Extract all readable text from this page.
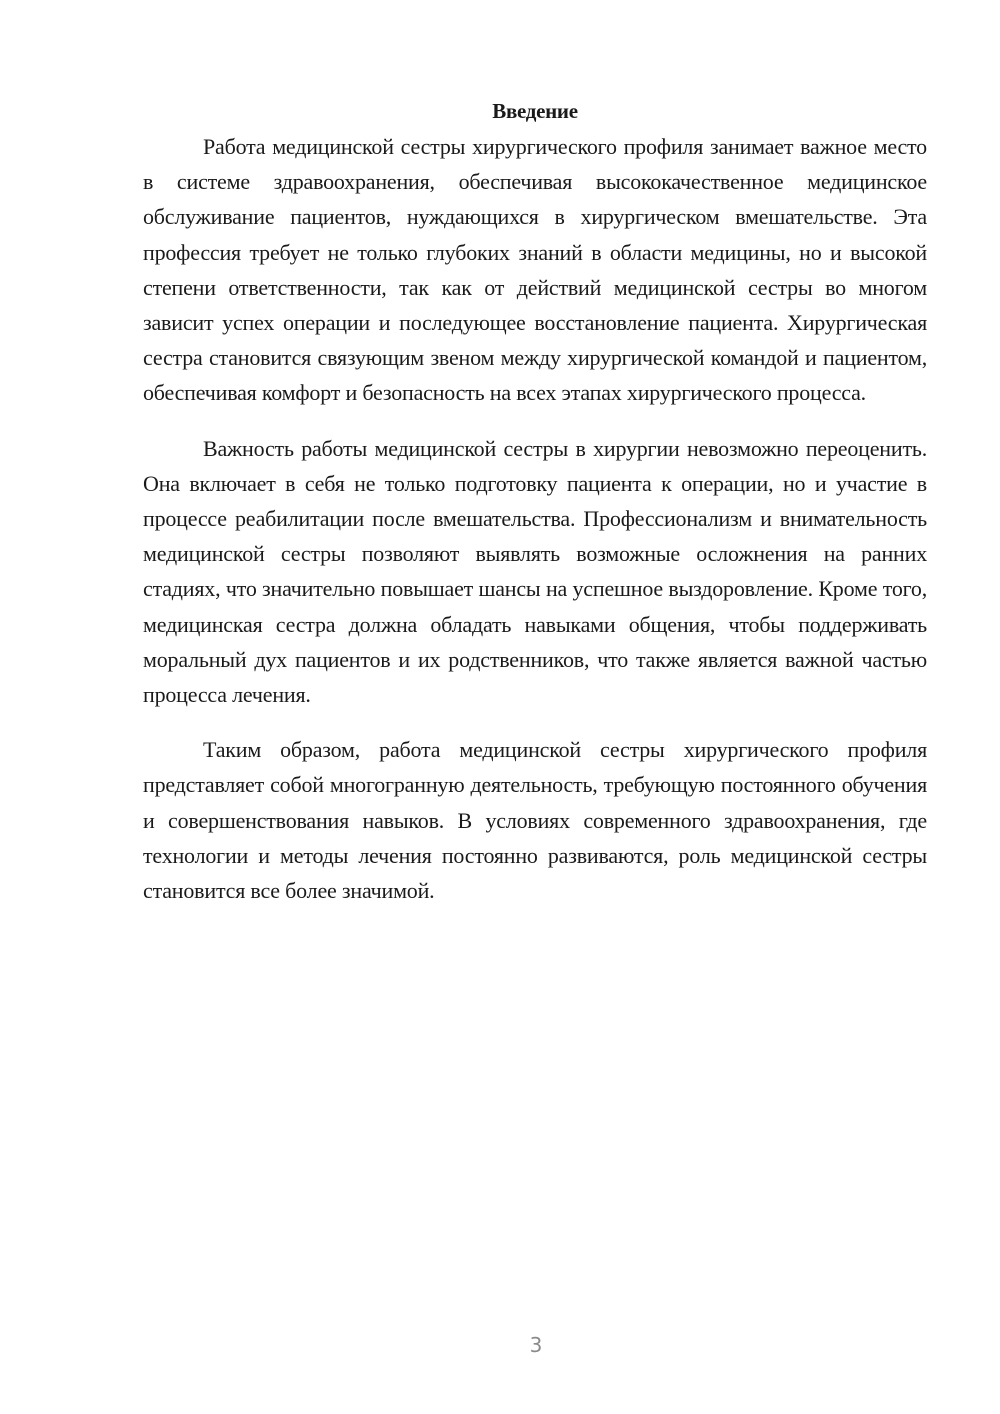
Введение

Работа медицинской сестры хирургического профиля занимает важное место в системе здравоохранения, обеспечивая высококачественное медицинское обслуживание пациентов, нуждающихся в хирургическом вмешательстве. Эта профессия требует не только глубоких знаний в области медицины, но и высокой степени ответственности, так как от действий медицинской сестры во многом зависит успех операции и последующее восстановление пациента. Хирургическая сестра становится связующим звеном между хирургической командой и пациентом, обеспечивая комфорт и безопасность на всех этапах хирургического процесса.

Важность работы медицинской сестры в хирургии невозможно переоценить. Она включает в себя не только подготовку пациента к операции, но и участие в процессе реабилитации после вмешательства. Профессионализм и внимательность медицинской сестры позволяют выявлять возможные осложнения на ранних стадиях, что значительно повышает шансы на успешное выздоровление. Кроме того, медицинская сестра должна обладать навыками общения, чтобы поддерживать моральный дух пациентов и их родственников, что также является важной частью процесса лечения.

Таким образом, работа медицинской сестры хирургического профиля представляет собой многогранную деятельность, требующую постоянного обучения и совершенствования навыков. В условиях современного здравоохранения, где технологии и методы лечения постоянно развиваются, роль медицинской сестры становится все более значимой.

3
